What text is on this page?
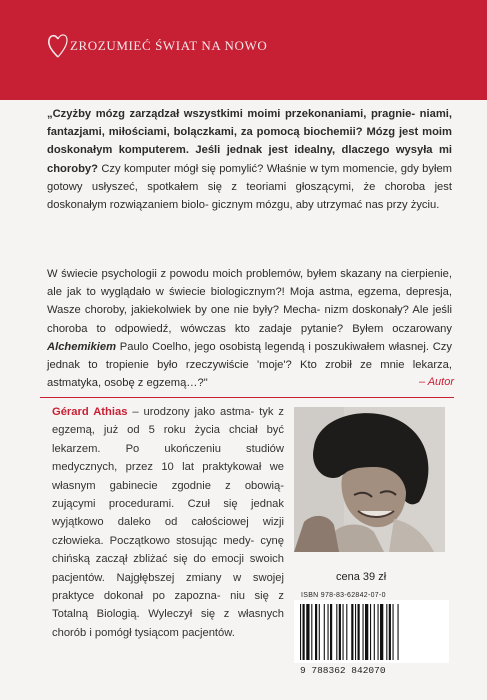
ZROZUMIEĆ ŚWIAT NA NOWO

„Czyżby mózg zarządzał wszystkimi moimi przekonaniami, pragnie- niami, fantazjami, miłościami, bolączkami, za pomocą biochemii? Mózg jest moim doskonałym komputerem. Jeśli jednak jest idealny, dlaczego wysyła mi choroby? Czy komputer mógł się pomylić? Właśnie w tym momencie, gdy byłem gotowy usłyszeć, spotkałem się z teoriami głoszącymi, że choroba jest doskonałym rozwiązaniem biolo- gicznym mózgu, aby utrzymać nas przy życiu.

W świecie psychologii z powodu moich problemów, byłem skazany na cierpienie, ale jak to wyglądało w świecie biologicznym?! Moja astma, egzema, depresja, Wasze choroby, jakiekolwiek by one nie były? Mecha- nizm doskonały? Ale jeśli choroba to odpowiedź, wówczas kto zadaje pytanie? Byłem oczarowany Alchemikiem Paulo Coelho, jego osobistą legendą i poszukiwałem własnej. Czy jednak to tropienie było rzeczywiście 'moje'? Kto zrobił ze mnie lekarza, astmatyka, osobę z egzemą…?"	– Autor

Gérard Athias – urodzony jako astma- tyk z egzemą, już od 5 roku życia chciał być lekarzem. Po ukończeniu studiów medycznych, przez 10 lat praktykował we własnym gabinecie zgodnie z obowią- zującymi procedurami. Czuł się jednak wyjątkowo daleko od całościowej wizji człowieka. Początkowo stosując medy- cynę chińską zaczął zbliżać się do emocji swoich pacjentów. Najgłębszej zmiany w swojej praktyce dokonał po zapozna- niu się z Totalną Biologią. Wyleczył się z własnych chorób i pomógł tysiącom pacjentów.

cena 39 zł
ISBN 978-83-62842-07-0
9 788362 842070
